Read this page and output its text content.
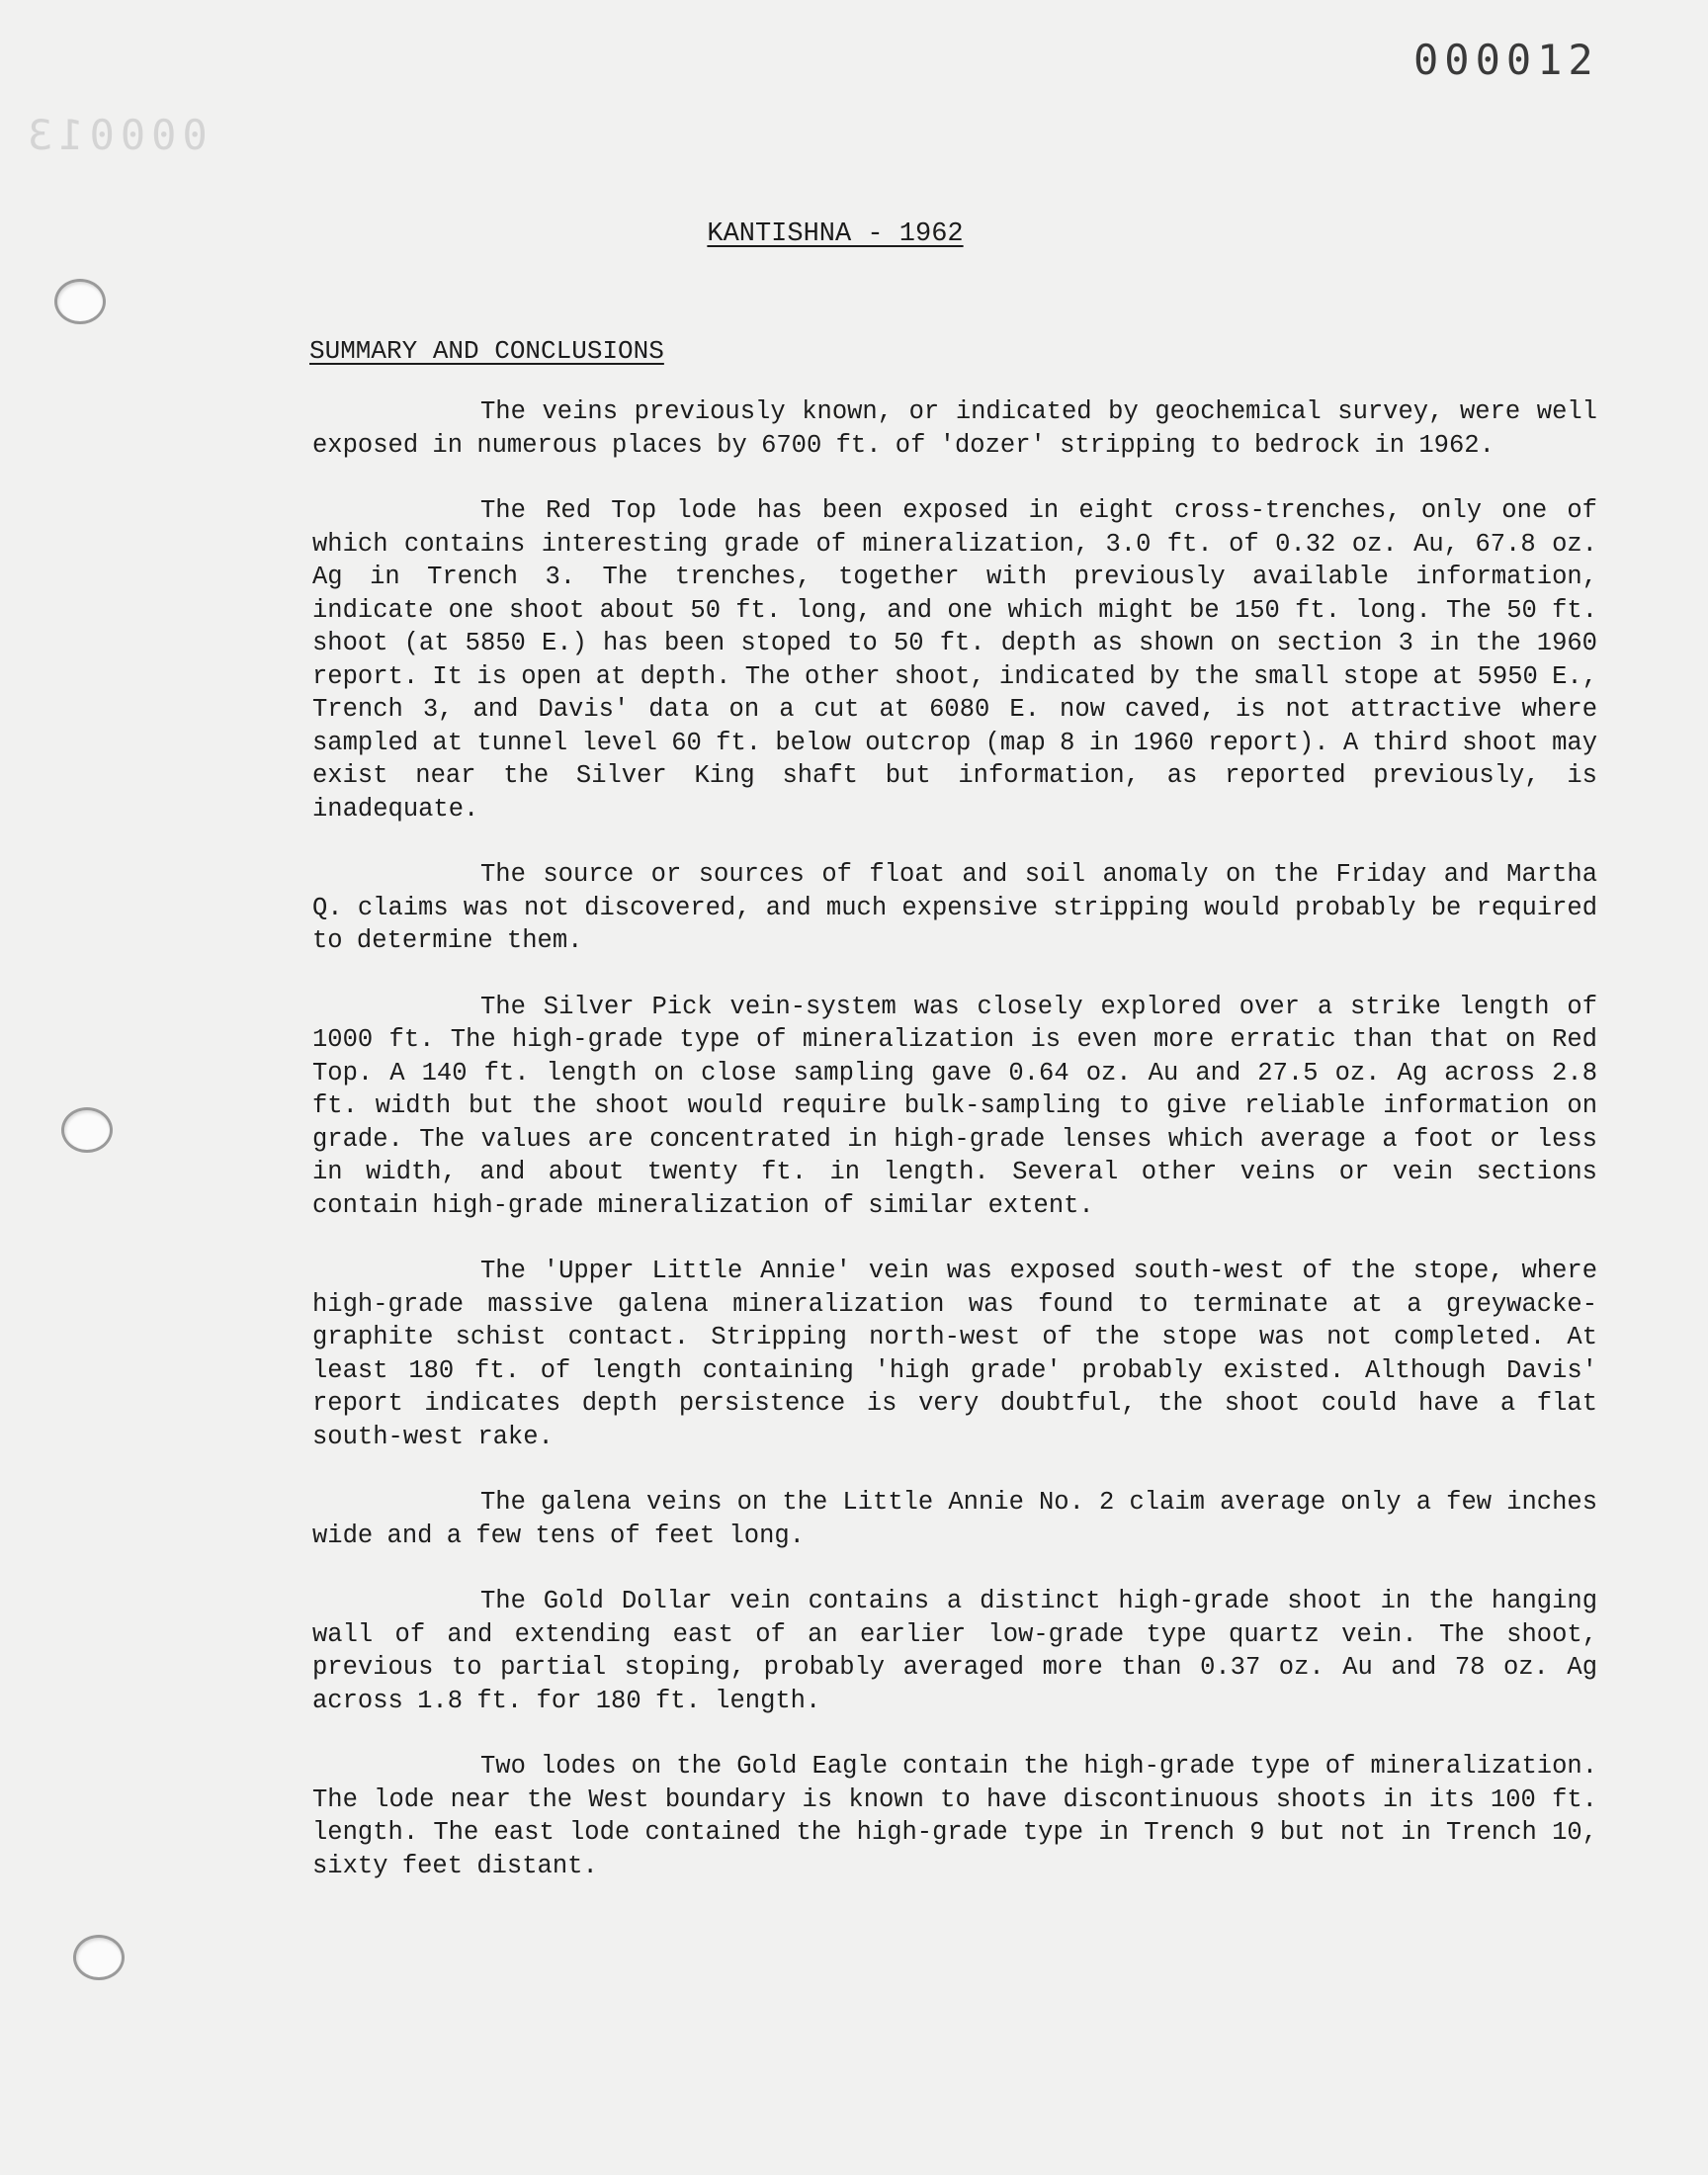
000012
000013
KANTISHNA - 1962
SUMMARY AND CONCLUSIONS

The veins previously known, or indicated by geochemical survey, were well exposed in numerous places by 6700 ft. of 'dozer' stripping to bedrock in 1962.

The Red Top lode has been exposed in eight cross-trenches, only one of which contains interesting grade of mineralization, 3.0 ft. of 0.32 oz. Au, 67.8 oz. Ag in Trench 3. The trenches, together with previously available information, indicate one shoot about 50 ft. long, and one which might be 150 ft. long. The 50 ft. shoot (at 5850 E.) has been stoped to 50 ft. depth as shown on section 3 in the 1960 report. It is open at depth. The other shoot, indicated by the small stope at 5950 E., Trench 3, and Davis' data on a cut at 6080 E. now caved, is not attractive where sampled at tunnel level 60 ft. below outcrop (map 8 in 1960 report). A third shoot may exist near the Silver King shaft but information, as reported previously, is inadequate.

The source or sources of float and soil anomaly on the Friday and Martha Q. claims was not discovered, and much expensive stripping would probably be required to determine them.

The Silver Pick vein-system was closely explored over a strike length of 1000 ft. The high-grade type of mineralization is even more erratic than that on Red Top. A 140 ft. length on close sampling gave 0.64 oz. Au and 27.5 oz. Ag across 2.8 ft. width but the shoot would require bulk-sampling to give reliable information on grade. The values are concentrated in high-grade lenses which average a foot or less in width, and about twenty ft. in length. Several other veins or vein sections contain high-grade mineralization of similar extent.

The 'Upper Little Annie' vein was exposed south-west of the stope, where high-grade massive galena mineralization was found to terminate at a greywacke-graphite schist contact. Stripping north-west of the stope was not completed. At least 180 ft. of length containing 'high grade' probably existed. Although Davis' report indicates depth persistence is very doubtful, the shoot could have a flat south-west rake.

The galena veins on the Little Annie No. 2 claim average only a few inches wide and a few tens of feet long.

The Gold Dollar vein contains a distinct high-grade shoot in the hanging wall of and extending east of an earlier low-grade type quartz vein. The shoot, previous to partial stoping, probably averaged more than 0.37 oz. Au and 78 oz. Ag across 1.8 ft. for 180 ft. length.

Two lodes on the Gold Eagle contain the high-grade type of mineralization. The lode near the West boundary is known to have discontinuous shoots in its 100 ft. length. The east lode contained the high-grade type in Trench 9 but not in Trench 10, sixty feet distant.
